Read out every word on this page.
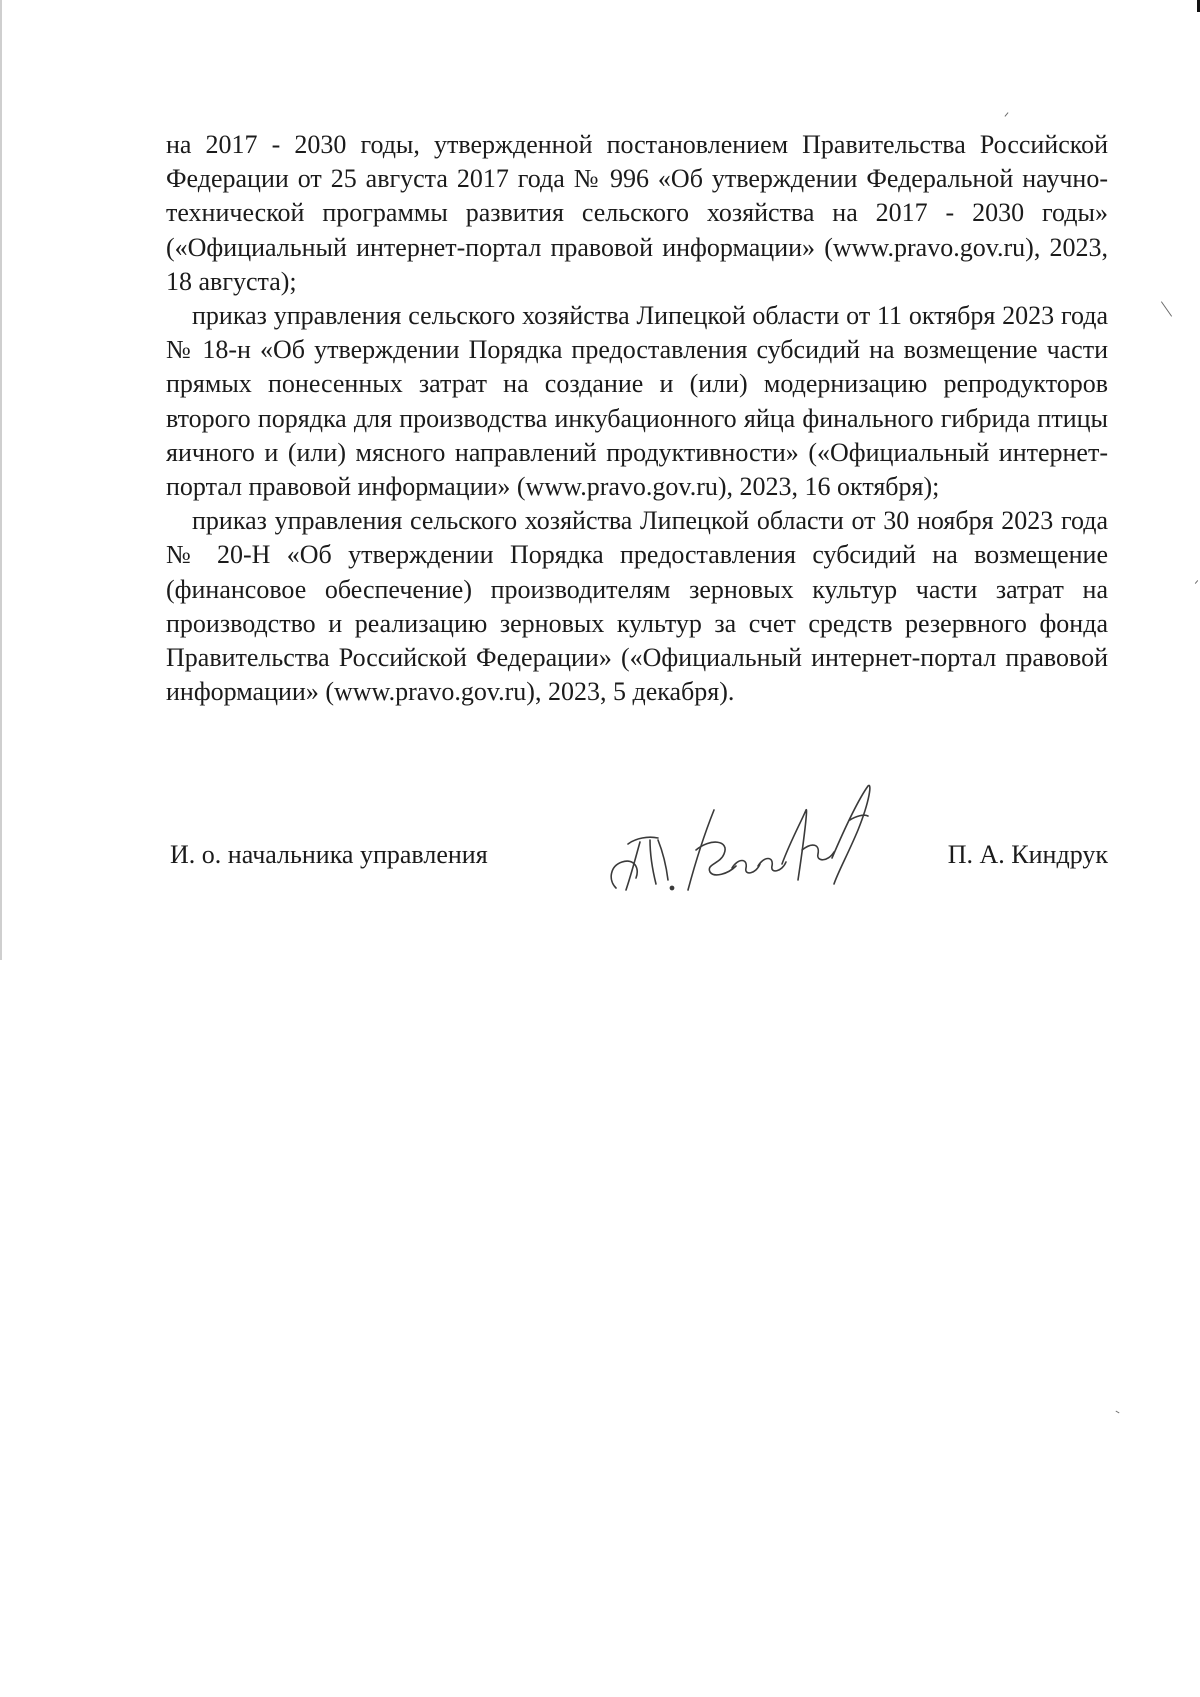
на 2017 - 2030 годы, утвержденной постановлением Правительства Российской Федерации от 25 августа 2017 года № 996 «Об утверждении Федеральной научно-технической программы развития сельского хозяйства на 2017 - 2030 годы» («Официальный интернет-портал правовой информации» (www.pravo.gov.ru), 2023, 18 августа);

приказ управления сельского хозяйства Липецкой области от 11 октября 2023 года № 18-н «Об утверждении Порядка предоставления субсидий на возмещение части прямых понесенных затрат на создание и (или) модернизацию репродукторов второго порядка для производства инкубационного яйца финального гибрида птицы яичного и (или) мясного направлений продуктивности» («Официальный интернет-портал правовой информации» (www.pravo.gov.ru), 2023, 16 октября);

приказ управления сельского хозяйства Липецкой области от 30 ноября 2023 года № 20-Н «Об утверждении Порядка предоставления субсидий на возмещение (финансовое обеспечение) производителям зерновых культур части затрат на производство и реализацию зерновых культур за счет средств резервного фонда Правительства Российской Федерации» («Официальный интернет-портал правовой информации» (www.pravo.gov.ru), 2023, 5 декабря).

И. о. начальника управления	П. А. Киндрук
